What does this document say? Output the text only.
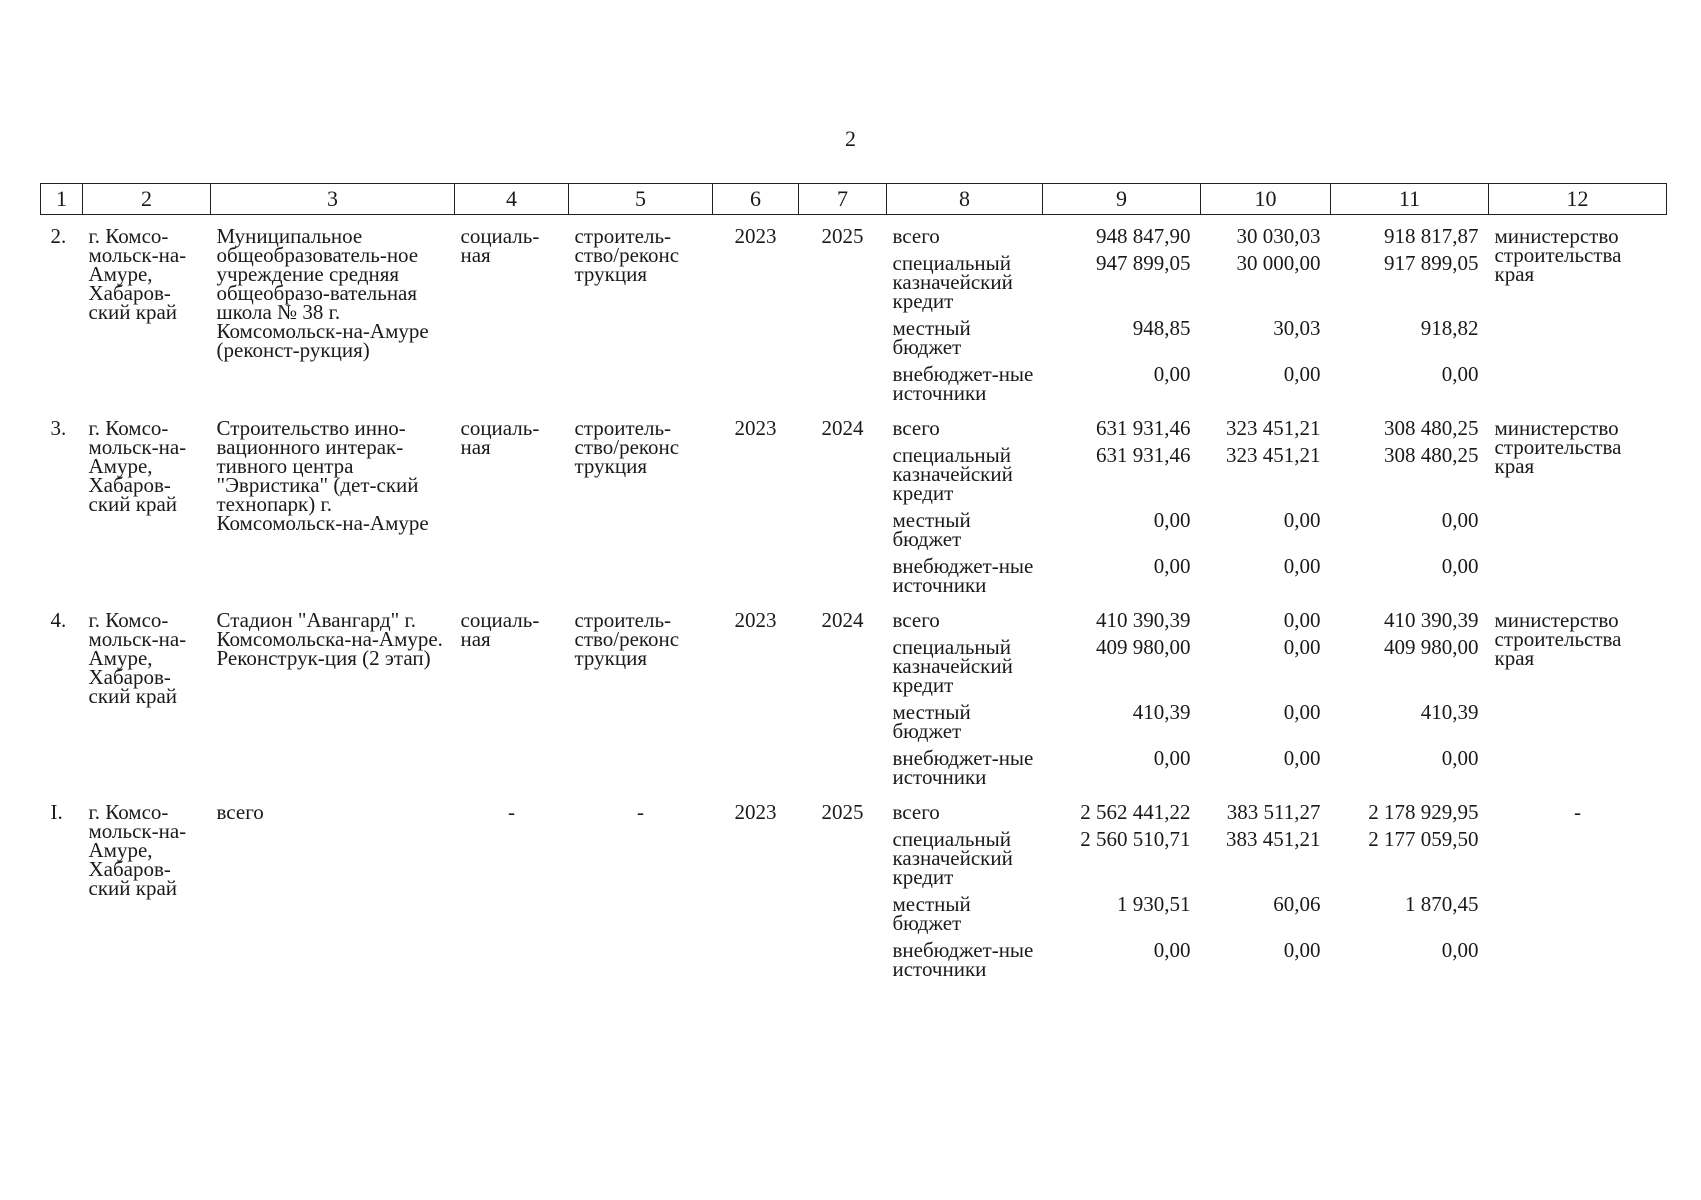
2
1	2	3	4	5	6	7	8	9	10	11	12
2.	г. Комсо-мольск-на-Амуре, Хабаров-ский край	Муниципальное общеобразователь-ное учреждение средняя общеобразо-вательная школа № 38 г. Комсомольск-на-Амуре (реконст-рукция)	социаль-ная	строитель-ство/реконс трукция	2023	2025	всего	948 847,90	30 030,03	918 817,87	министерство строительства края
							специальный казначейский кредит	947 899,05	30 000,00	917 899,05	
							местный бюджет	948,85	30,03	918,82	
							внебюджет-ные источники	0,00	0,00	0,00	
3.	г. Комсо-мольск-на-Амуре, Хабаров-ский край	Строительство инно-вационного интерак-тивного центра "Эвристика" (дет-ский технопарк) г. Комсомольск-на-Амуре	социаль-ная	строитель-ство/реконс трукция	2023	2024	всего	631 931,46	323 451,21	308 480,25	министерство строительства края
							специальный казначейский кредит	631 931,46	323 451,21	308 480,25	
							местный бюджет	0,00	0,00	0,00	
							внебюджет-ные источники	0,00	0,00	0,00	
4.	г. Комсо-мольск-на-Амуре, Хабаров-ский край	Стадион "Авангард" г. Комсомольска-на-Амуре. Реконструк-ция (2 этап)	социаль-ная	строитель-ство/реконс трукция	2023	2024	всего	410 390,39	0,00	410 390,39	министерство строительства края
							специальный казначейский кредит	409 980,00	0,00	409 980,00	
							местный бюджет	410,39	0,00	410,39	
							внебюджет-ные источники	0,00	0,00	0,00	
I.	г. Комсо-мольск-на-Амуре, Хабаров-ский край	всего	-	-	2023	2025	всего	2 562 441,22	383 511,27	2 178 929,95	-
							специальный казначейский кредит	2 560 510,71	383 451,21	2 177 059,50	
							местный бюджет	1 930,51	60,06	1 870,45	
							внебюджет-ные источники	0,00	0,00	0,00	
